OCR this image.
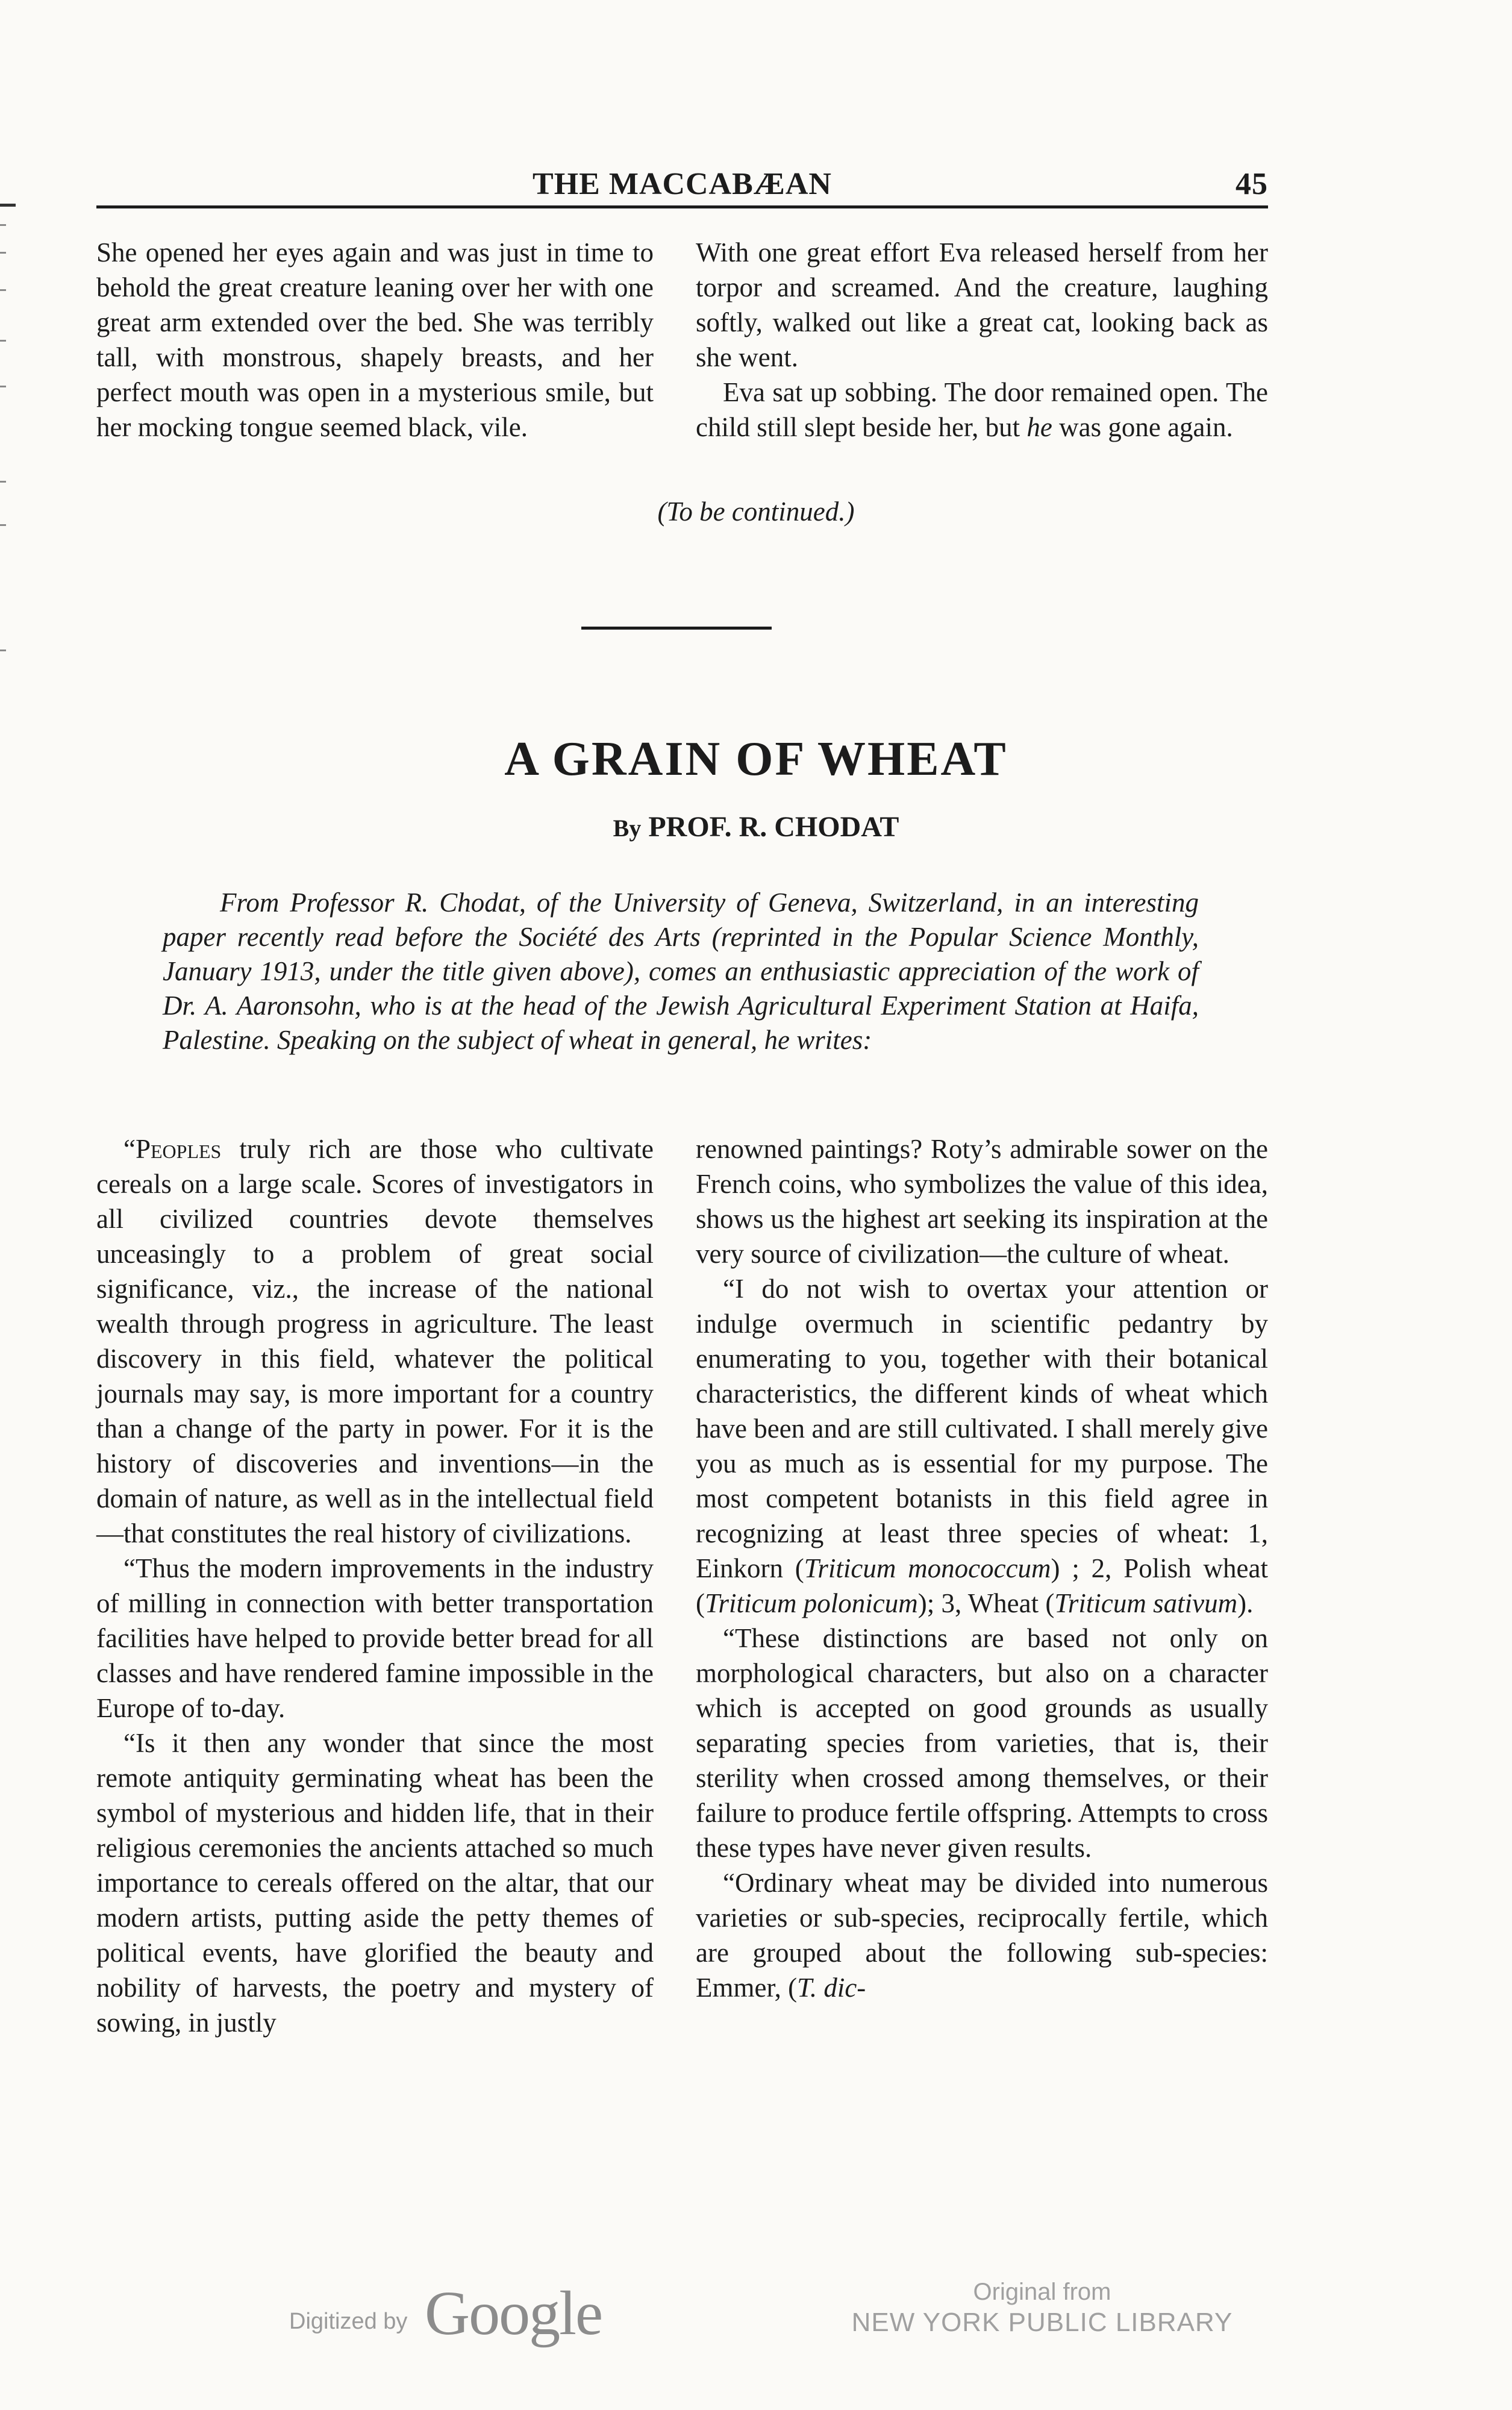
THE MACCABÆAN	45

She opened her eyes again and was just in time to behold the great creature leaning over her with one great arm extended over the bed. She was terribly tall, with monstrous, shapely breasts, and her perfect mouth was open in a mysterious smile, but her mocking tongue seemed black, vile.

With one great effort Eva released herself from her torpor and screamed. And the creature, laughing softly, walked out like a great cat, looking back as she went.

Eva sat up sobbing. The door remained open. The child still slept beside her, but he was gone again.

(To be continued.)
A GRAIN OF WHEAT
By PROF. R. CHODAT

From Professor R. Chodat, of the University of Geneva, Switzerland, in an interesting paper recently read before the Société des Arts (reprinted in the Popular Science Monthly, January 1913, under the title given above), comes an enthusiastic appreciation of the work of Dr. A. Aaronsohn, who is at the head of the Jewish Agricultural Experiment Station at Haifa, Palestine. Speaking on the subject of wheat in general, he writes:

“Peoples truly rich are those who cultivate cereals on a large scale. Scores of investigators in all civilized countries devote themselves unceasingly to a problem of great social significance, viz., the increase of the national wealth through progress in agriculture. The least discovery in this field, whatever the political journals may say, is more important for a country than a change of the party in power. For it is the history of discoveries and inventions—in the domain of nature, as well as in the intellectual field—that constitutes the real history of civilizations.

“Thus the modern improvements in the industry of milling in connection with better transportation facilities have helped to provide better bread for all classes and have rendered famine impossible in the Europe of to-day.

“Is it then any wonder that since the most remote antiquity germinating wheat has been the symbol of mysterious and hidden life, that in their religious ceremonies the ancients attached so much importance to cereals offered on the altar, that our modern artists, putting aside the petty themes of political events, have glorified the beauty and nobility of harvests, the poetry and mystery of sowing, in justly

renowned paintings? Roty’s admirable sower on the French coins, who symbolizes the value of this idea, shows us the highest art seeking its inspiration at the very source of civilization—the culture of wheat.

“I do not wish to overtax your attention or indulge overmuch in scientific pedantry by enumerating to you, together with their botanical characteristics, the different kinds of wheat which have been and are still cultivated. I shall merely give you as much as is essential for my purpose. The most competent botanists in this field agree in recognizing at least three species of wheat: 1, Einkorn (Triticum monococcum) ; 2, Polish wheat (Triticum polonicum); 3, Wheat (Triticum sativum).

“These distinctions are based not only on morphological characters, but also on a character which is accepted on good grounds as usually separating species from varieties, that is, their sterility when crossed among themselves, or their failure to produce fertile offspring. Attempts to cross these types have never given results.

“Ordinary wheat may be divided into numerous varieties or sub-species, reciprocally fertile, which are grouped about the following sub-species: Emmer, (T. dic-

Digitized by Google	Original from
NEW YORK PUBLIC LIBRARY
